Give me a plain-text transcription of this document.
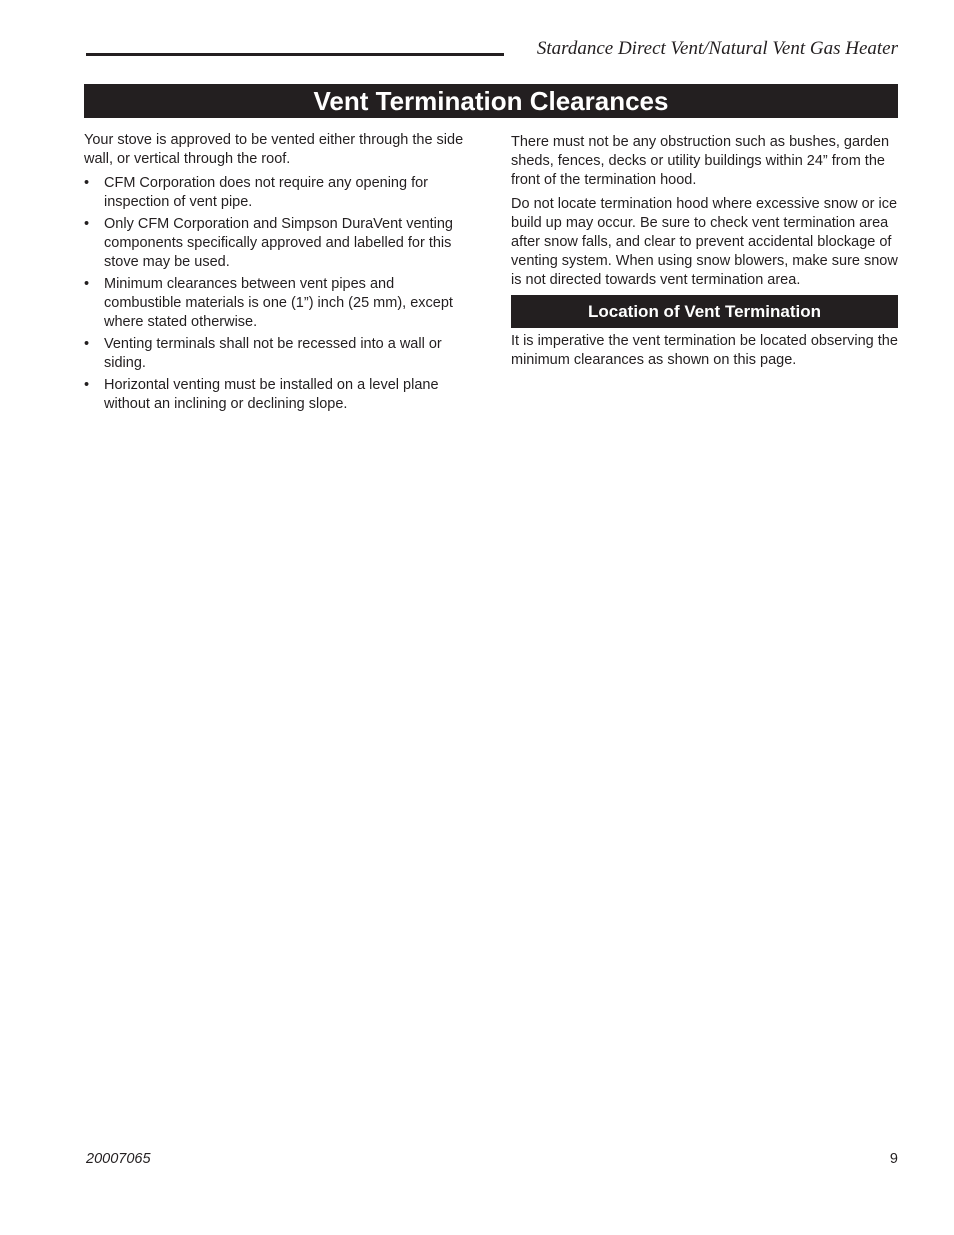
Stardance Direct Vent/Natural Vent Gas Heater
Vent Termination Clearances

Your stove is approved to be vented either through the side wall, or vertical through the roof.

• CFM Corporation does not require any opening for inspection of vent pipe.
• Only CFM Corporation and Simpson DuraVent venting components specifically approved and labelled for this stove may be used.
• Minimum clearances between vent pipes and combustible materials is one (1”) inch (25 mm), except where stated otherwise.
• Venting terminals shall not be recessed into a wall or siding.
• Horizontal venting must be installed on a level plane without an inclining or declining slope.

There must not be any obstruction such as bushes, garden sheds, fences, decks or utility buildings within 24” from the front of the termination hood.

Do not locate termination hood where excessive snow or ice build up may occur. Be sure to check vent termination area after snow falls, and clear to prevent accidental blockage of venting system. When using snow blowers, make sure snow is not directed towards vent termination area.

Location of Vent Termination

It is imperative the vent termination be located observing the minimum clearances as shown on this page.

20007065	9
